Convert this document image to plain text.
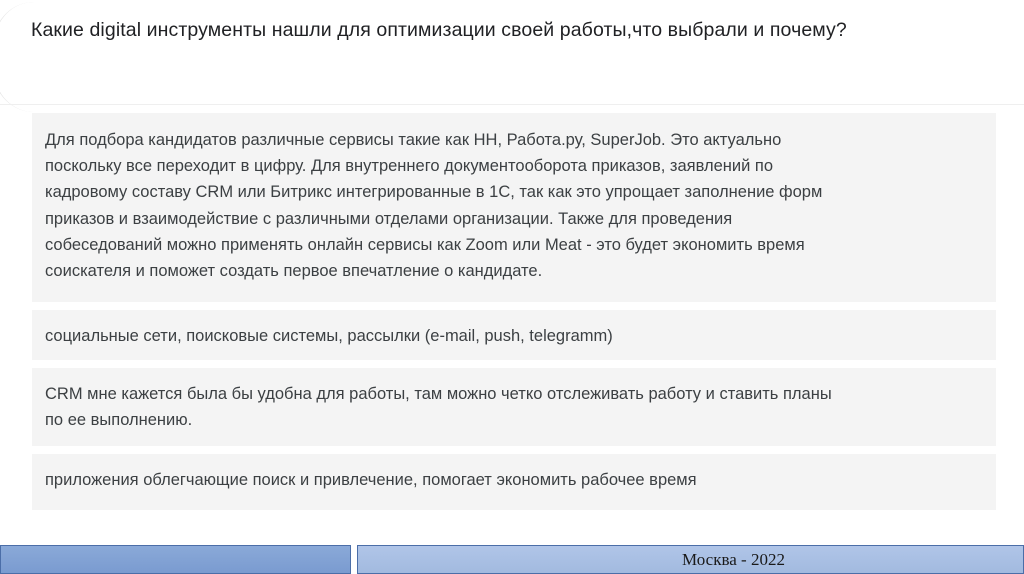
Какие digital инструменты нашли для оптимизации своей работы,что выбрали и почему?
Для подбора кандидатов различные сервисы такие как HH, Работа.ру, SuperJob. Это актуально
поскольку все переходит в цифру. Для внутреннего документооборота приказов, заявлений по
кадровому составу CRM или Битрикс интегрированные в 1С, так как это упрощает заполнение форм
приказов и взаимодействие с различными отделами организации. Также для проведения
собеседований можно применять онлайн сервисы как Zoom или Meat - это будет экономить время
соискателя и поможет создать первое впечатление о кандидате.
социальные сети, поисковые системы, рассылки (e-mail, push, telegramm)
CRM мне кажется была бы удобна для работы, там можно четко отслеживать работу и ставить планы
по ее выполнению.
приложения облегчающие поиск и привлечение, помогает экономить рабочее время
Москва - 2022
